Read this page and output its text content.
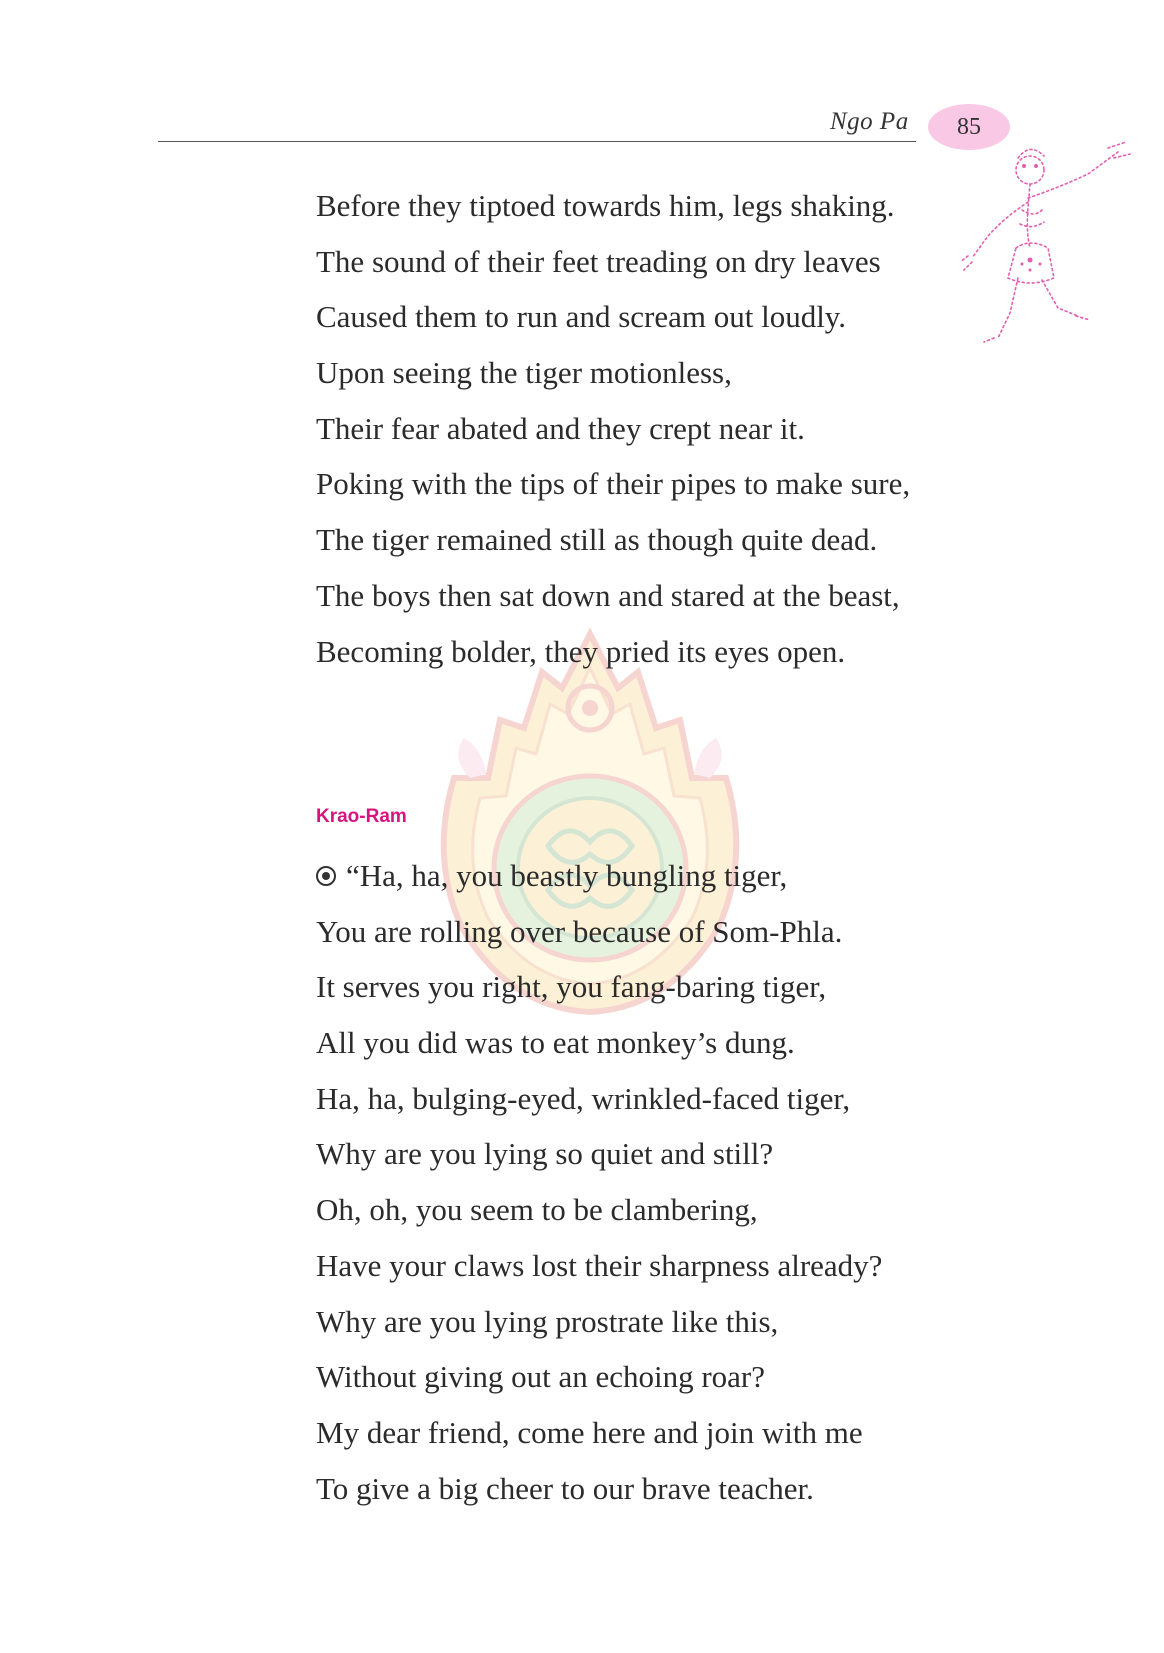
Ngo Pa 85
Before they tiptoed towards him, legs shaking.
The sound of their feet treading on dry leaves
Caused them to run and scream out loudly.
Upon seeing the tiger motionless,
Their fear abated and they crept near it.
Poking with the tips of their pipes to make sure,
The tiger remained still as though quite dead.
The boys then sat down and stared at the beast,
Becoming bolder, they pried its eyes open.
Krao-Ram
“Ha, ha, you beastly bungling tiger,
You are rolling over because of Som-Phla.
It serves you right, you fang-baring tiger,
All you did was to eat monkey’s dung.
Ha, ha, bulging-eyed, wrinkled-faced tiger,
Why are you lying so quiet and still?
Oh, oh, you seem to be clambering,
Have your claws lost their sharpness already?
Why are you lying prostrate like this,
Without giving out an echoing roar?
My dear friend, come here and join with me
To give a big cheer to our brave teacher.
